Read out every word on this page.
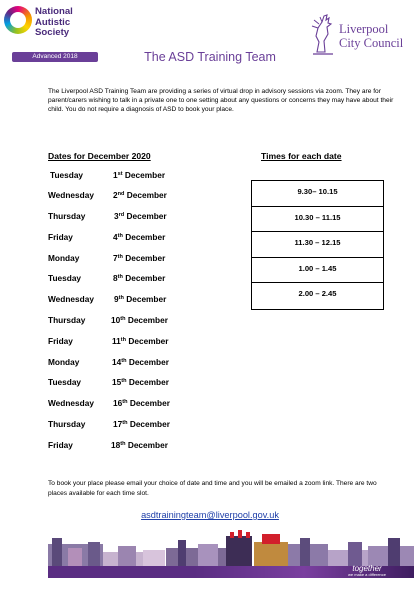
National
Autistic
Society
Advanced 2018
Liverpool
City Council
The ASD Training Team

The Liverpool ASD Training Team are providing a series of virtual drop in advisory sessions via zoom. They are for parent/carers wishing to talk in a private one to one setting about any questions or concerns they may have about their child. You do not require a diagnosis of ASD to book your place.

Dates for December 2020	Times for each date
Tuesday	1st December
Wednesday 2nd December
Thursday	3rd December
Friday	4th December
Monday	7th December
Tuesday	8th December
Wednesday 9th December
Thursday	10th December
Friday	11th December
Monday	14th December
Tuesday	15th December
Wednesday 16th December
Thursday	17th December
Friday	18th December
9.30– 10.15
10.30 – 11.15
11.30 – 12.15
1.00 – 1.45
2.00 – 2.45

To book your place please email your choice of date and time and you will be emailed a zoom link. There are two places available for each time slot.

asdtrainingteam@liverpool.gov.uk
together
we make a difference
